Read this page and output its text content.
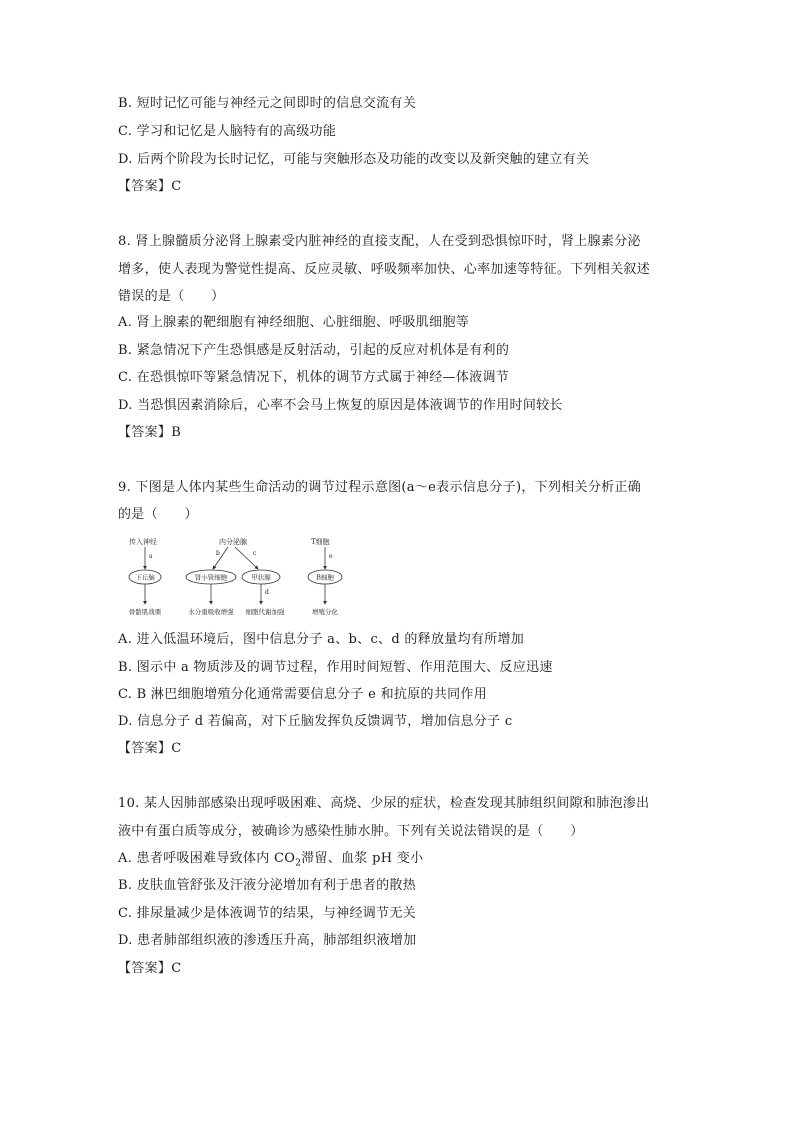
B. 短时记忆可能与神经元之间即时的信息交流有关
C. 学习和记忆是人脑特有的高级功能
D. 后两个阶段为长时记忆，可能与突触形态及功能的改变以及新突触的建立有关
【答案】C
8. 肾上腺髓质分泌肾上腺素受内脏神经的直接支配，人在受到恐惧惊吓时，肾上腺素分泌
增多，使人表现为警觉性提高、反应灵敏、呼吸频率加快、心率加速等特征。下列相关叙述
错误的是（　　）
A. 肾上腺素的靶细胞有神经细胞、心脏细胞、呼吸肌细胞等
B. 紧急情况下产生恐惧感是反射活动，引起的反应对机体是有利的
C. 在恐惧惊吓等紧急情况下，机体的调节方式属于神经—体液调节
D. 当恐惧因素消除后，心率不会马上恢复的原因是体液调节的作用时间较长
【答案】B
9. 下图是人体内某些生命活动的调节过程示意图(a～e表示信息分子)，下列相关分析正确
的是（　　）
传入神经	内分泌腺	T细胞
a	b	c	e
下丘脑	肾小管细胞	甲状腺	B细胞
d
骨骼肌战栗	水分重吸收增强 细胞代谢加强	增殖分化
A. 进入低温环境后，图中信息分子 a、b、c、d 的释放量均有所增加
B. 图示中 a 物质涉及的调节过程，作用时间短暂、作用范围大、反应迅速
C. B 淋巴细胞增殖分化通常需要信息分子 e 和抗原的共同作用
D. 信息分子 d 若偏高，对下丘脑发挥负反馈调节，增加信息分子 c
【答案】C
10. 某人因肺部感染出现呼吸困难、高烧、少尿的症状，检查发现其肺组织间隙和肺泡渗出
液中有蛋白质等成分，被确诊为感染性肺水肿。下列有关说法错误的是（　　）
A. 患者呼吸困难导致体内 $CO_2$滞留、血浆 pH 变小
B. 皮肤血管舒张及汗液分泌增加有利于患者的散热
C. 排尿量减少是体液调节的结果，与神经调节无关
D. 患者肺部组织液的渗透压升高，肺部组织液增加
【答案】C
